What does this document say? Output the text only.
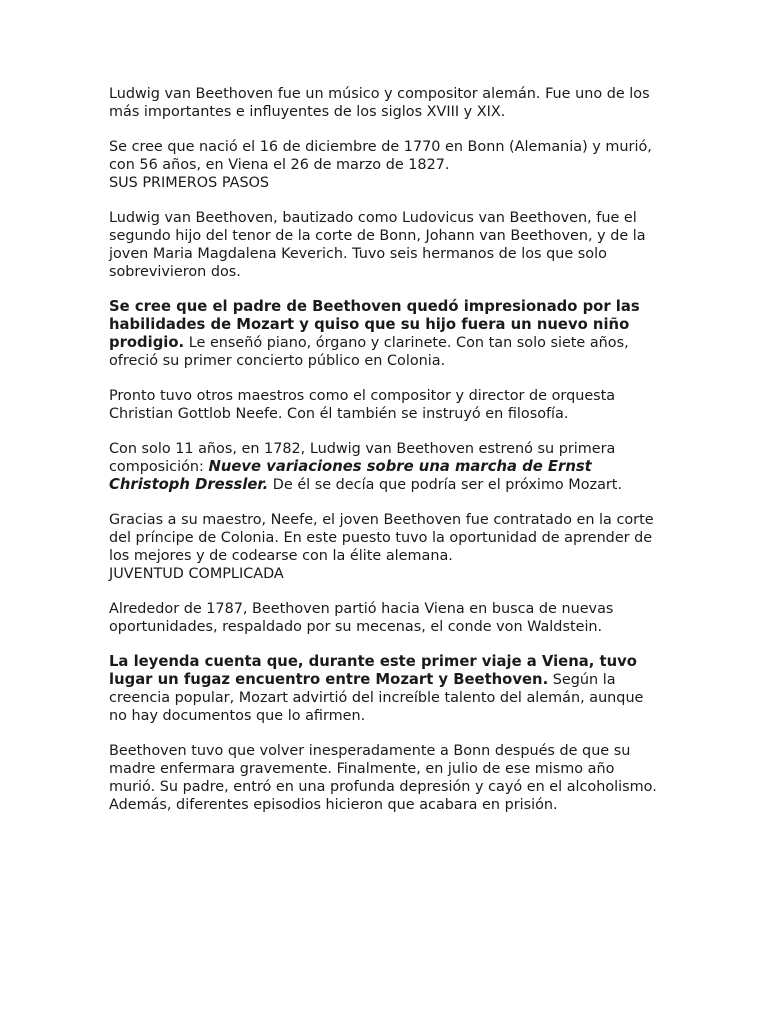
Ludwig van Beethoven fue un músico y compositor alemán. Fue uno de los más importantes e influyentes de los siglos XVIII y XIX.

Se cree que nació el 16 de diciembre de 1770 en Bonn (Alemania) y murió, con 56 años, en Viena el 26 de marzo de 1827.

SUS PRIMEROS PASOS

Ludwig van Beethoven, bautizado como Ludovicus van Beethoven, fue el segundo hijo del tenor de la corte de Bonn, Johann van Beethoven, y de la joven Maria Magdalena Keverich. Tuvo seis hermanos de los que solo sobrevivieron dos.

Se cree que el padre de Beethoven quedó impresionado por las habilidades de Mozart y quiso que su hijo fuera un nuevo niño prodigio. Le enseñó piano, órgano y clarinete. Con tan solo siete años, ofreció su primer concierto público en Colonia.

Pronto tuvo otros maestros como el compositor y director de orquesta Christian Gottlob Neefe. Con él también se instruyó en filosofía.

Con solo 11 años, en 1782, Ludwig van Beethoven estrenó su primera composición: Nueve variaciones sobre una marcha de Ernst Christoph Dressler. De él se decía que podría ser el próximo Mozart.

Gracias a su maestro, Neefe, el joven Beethoven fue contratado en la corte del príncipe de Colonia. En este puesto tuvo la oportunidad de aprender de los mejores y de codearse con la élite alemana.

JUVENTUD COMPLICADA

Alrededor de 1787, Beethoven partió hacia Viena en busca de nuevas oportunidades, respaldado por su mecenas, el conde von Waldstein.

La leyenda cuenta que, durante este primer viaje a Viena, tuvo lugar un fugaz encuentro entre Mozart y Beethoven. Según la creencia popular, Mozart advirtió del increíble talento del alemán, aunque no hay documentos que lo afirmen.

Beethoven tuvo que volver inesperadamente a Bonn después de que su madre enfermara gravemente. Finalmente, en julio de ese mismo año murió. Su padre, entró en una profunda depresión y cayó en el alcoholismo. Además, diferentes episodios hicieron que acabara en prisión.
